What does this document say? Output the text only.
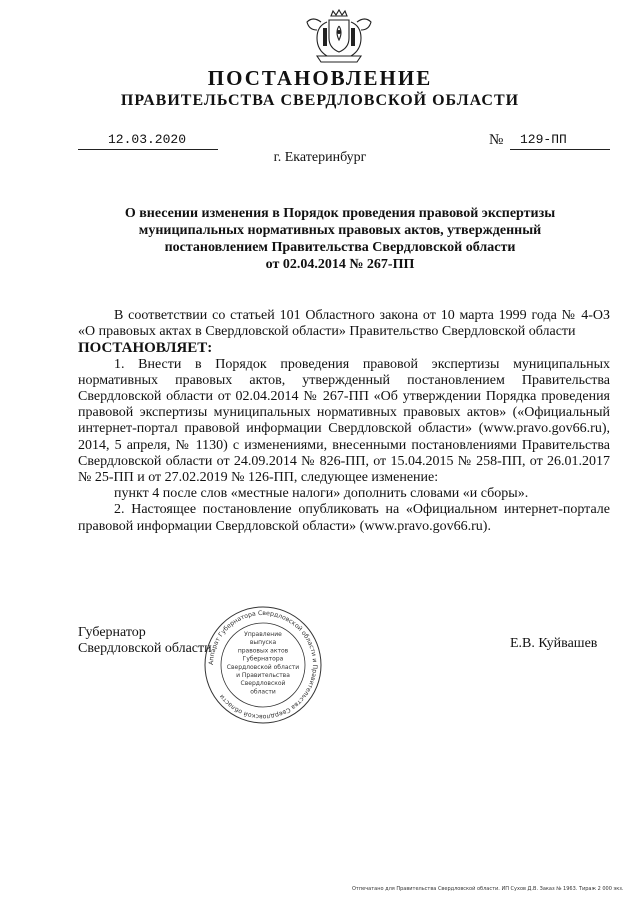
ПОСТАНОВЛЕНИЕ
ПРАВИТЕЛЬСТВА СВЕРДЛОВСКОЙ ОБЛАСТИ
12.03.2020	№ 129-ПП
г. Екатеринбург
О внесении изменения в Порядок проведения правовой экспертизы
муниципальных нормативных правовых актов, утвержденный
постановлением Правительства Свердловской области
от 02.04.2014 № 267-ПП

В соответствии со статьей 101 Областного закона от 10 марта 1999 года № 4-ОЗ «О правовых актах в Свердловской области» Правительство Свердловской области

ПОСТАНОВЛЯЕТ:

1. Внести в Порядок проведения правовой экспертизы муниципальных нормативных правовых актов, утвержденный постановлением Правительства Свердловской области от 02.04.2014 № 267-ПП «Об утверждении Порядка проведения правовой экспертизы муниципальных нормативных правовых актов» («Официальный интернет-портал правовой информации Свердловской области» (www.pravo.gov66.ru), 2014, 5 апреля, № 1130) с изменениями, внесенными постановлениями Правительства Свердловской области от 24.09.2014 № 826-ПП, от 15.04.2015 № 258-ПП, от 26.01.2017 № 25-ПП и от 27.02.2019 № 126-ПП, следующее изменение:

пункт 4 после слов «местные налоги» дополнить словами «и сборы».

2. Настоящее постановление опубликовать на «Официальном интернет-портале правовой информации Свердловской области» (www.pravo.gov66.ru).

Губернатор
Свердловской области	Е.В. Куйвашев
Аппарат Губернатора Свердловской области и Правительства Свердловской области
Управление
выпуска
правовых актов
Губернатора
Свердловской области
и Правительства
Свердловской
области
Отпечатано для Правительства Свердловской области. ИП Сухов Д.В. Заказ № 1963. Тираж 2 000 экз.
